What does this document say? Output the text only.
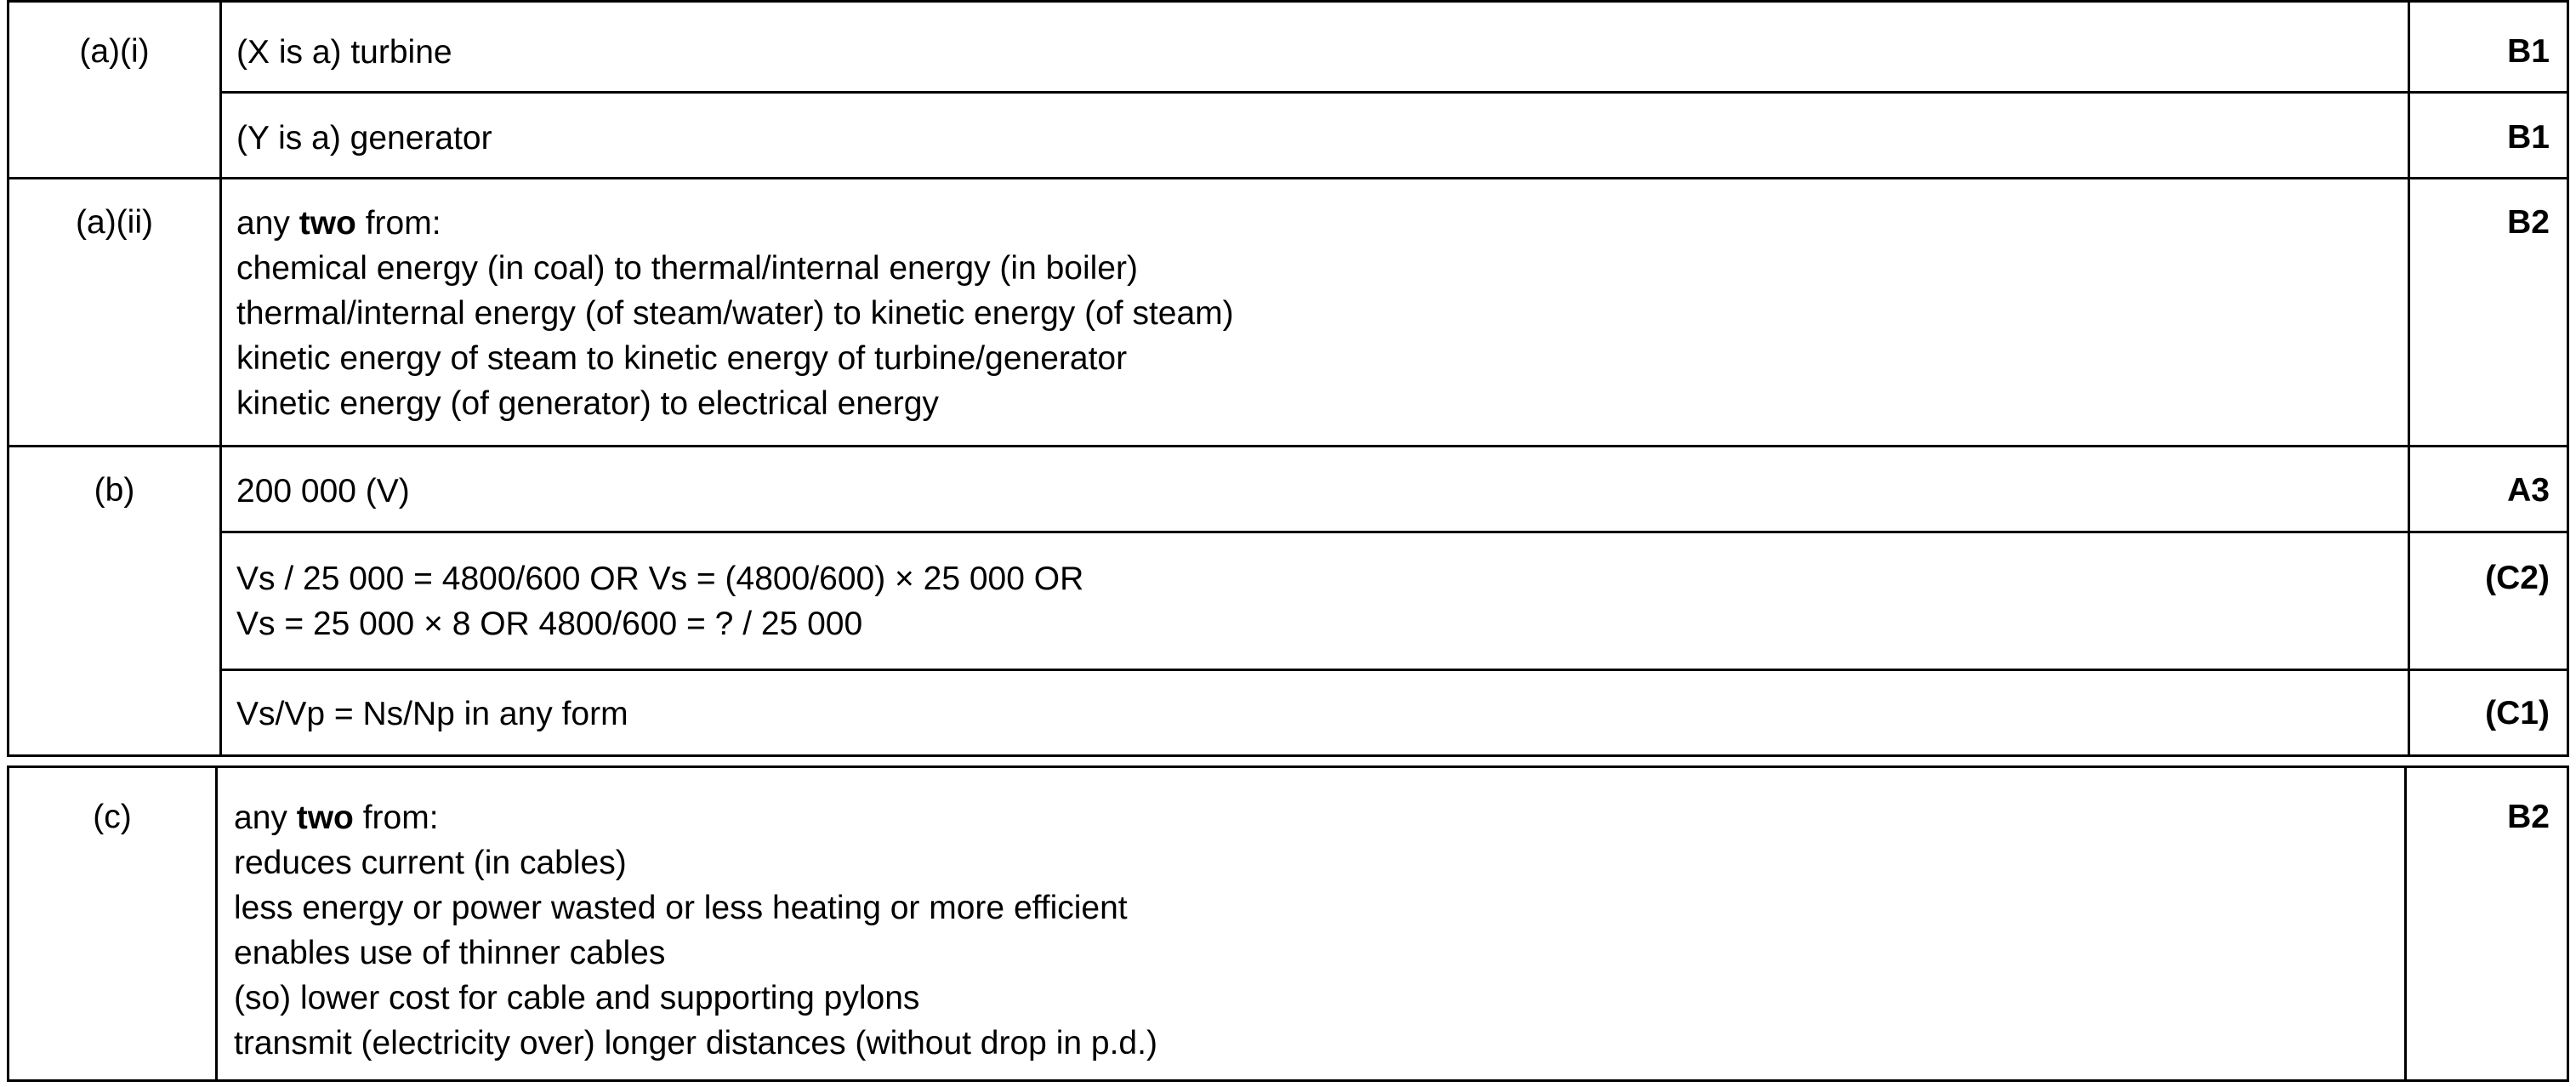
(a)(i)	(X is a) turbine	B1
(Y is a) generator	B1
(a)(ii)	any two from:
chemical energy (in coal) to thermal/internal energy (in boiler)
thermal/internal energy (of steam/water) to kinetic energy (of steam)
kinetic energy of steam to kinetic energy of turbine/generator
kinetic energy (of generator) to electrical energy
B2
(b)	200 000 (V)	A3
Vs / 25 000 = 4800/600 OR Vs = (4800/600) × 25 000 OR
Vs = 25 000 × 8 OR 4800/600 = ? / 25 000
(C2)
Vs/Vp = Ns/Np in any form	(C1)
(c)	any two from:
reduces current (in cables)
less energy or power wasted or less heating or more efficient
enables use of thinner cables
(so) lower cost for cable and supporting pylons
transmit (electricity over) longer distances (without drop in p.d.)
B2
